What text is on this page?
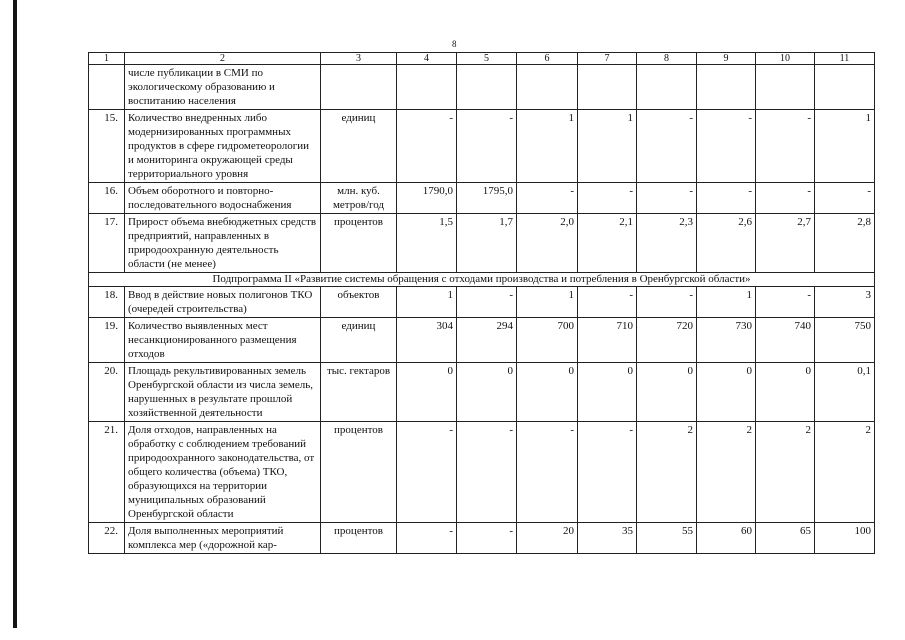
8
1	2	3	4	5	6	7	8	9	10	11
	числе публикации в СМИ по экологическому образованию и воспитанию населения									
15.	Количество внедренных либо модернизированных программных продуктов в сфере гидрометеорологии и мониторинга окружающей среды территориального уровня	единиц	-	-	1	1	-	-	-	1
16.	Объем оборотного и повторно-последовательного водоснабжения	млн. куб. метров/год	1790,0	1795,0	-	-	-	-	-	-
17.	Прирост объема внебюджетных средств предприятий, направленных в природоохранную деятельность области (не менее)	процентов	1,5	1,7	2,0	2,1	2,3	2,6	2,7	2,8
Подпрограмма II «Развитие системы обращения с отходами производства и потребления в Оренбургской области»										
18.	Ввод в действие новых полигонов ТКО (очередей строительства)	объектов	1	-	1	-	-	1	-	3
19.	Количество выявленных мест несанкционированного размещения отходов	единиц	304	294	700	710	720	730	740	750
20.	Площадь рекультивированных земель Оренбургской области из числа земель, нарушенных в результате прошлой хозяйственной деятельности	тыс. гектаров	0	0	0	0	0	0	0	0,1
21.	Доля отходов, направленных на обработку с соблюдением требований природоохранного законодательства, от общего количества (объема) ТКО, образующихся на территории муниципальных образований Оренбургской области	процентов	-	-	-	-	2	2	2	2
22.	Доля выполненных мероприятий комплекса мер («дорожной кар-	процентов	-	-	20	35	55	60	65	100
